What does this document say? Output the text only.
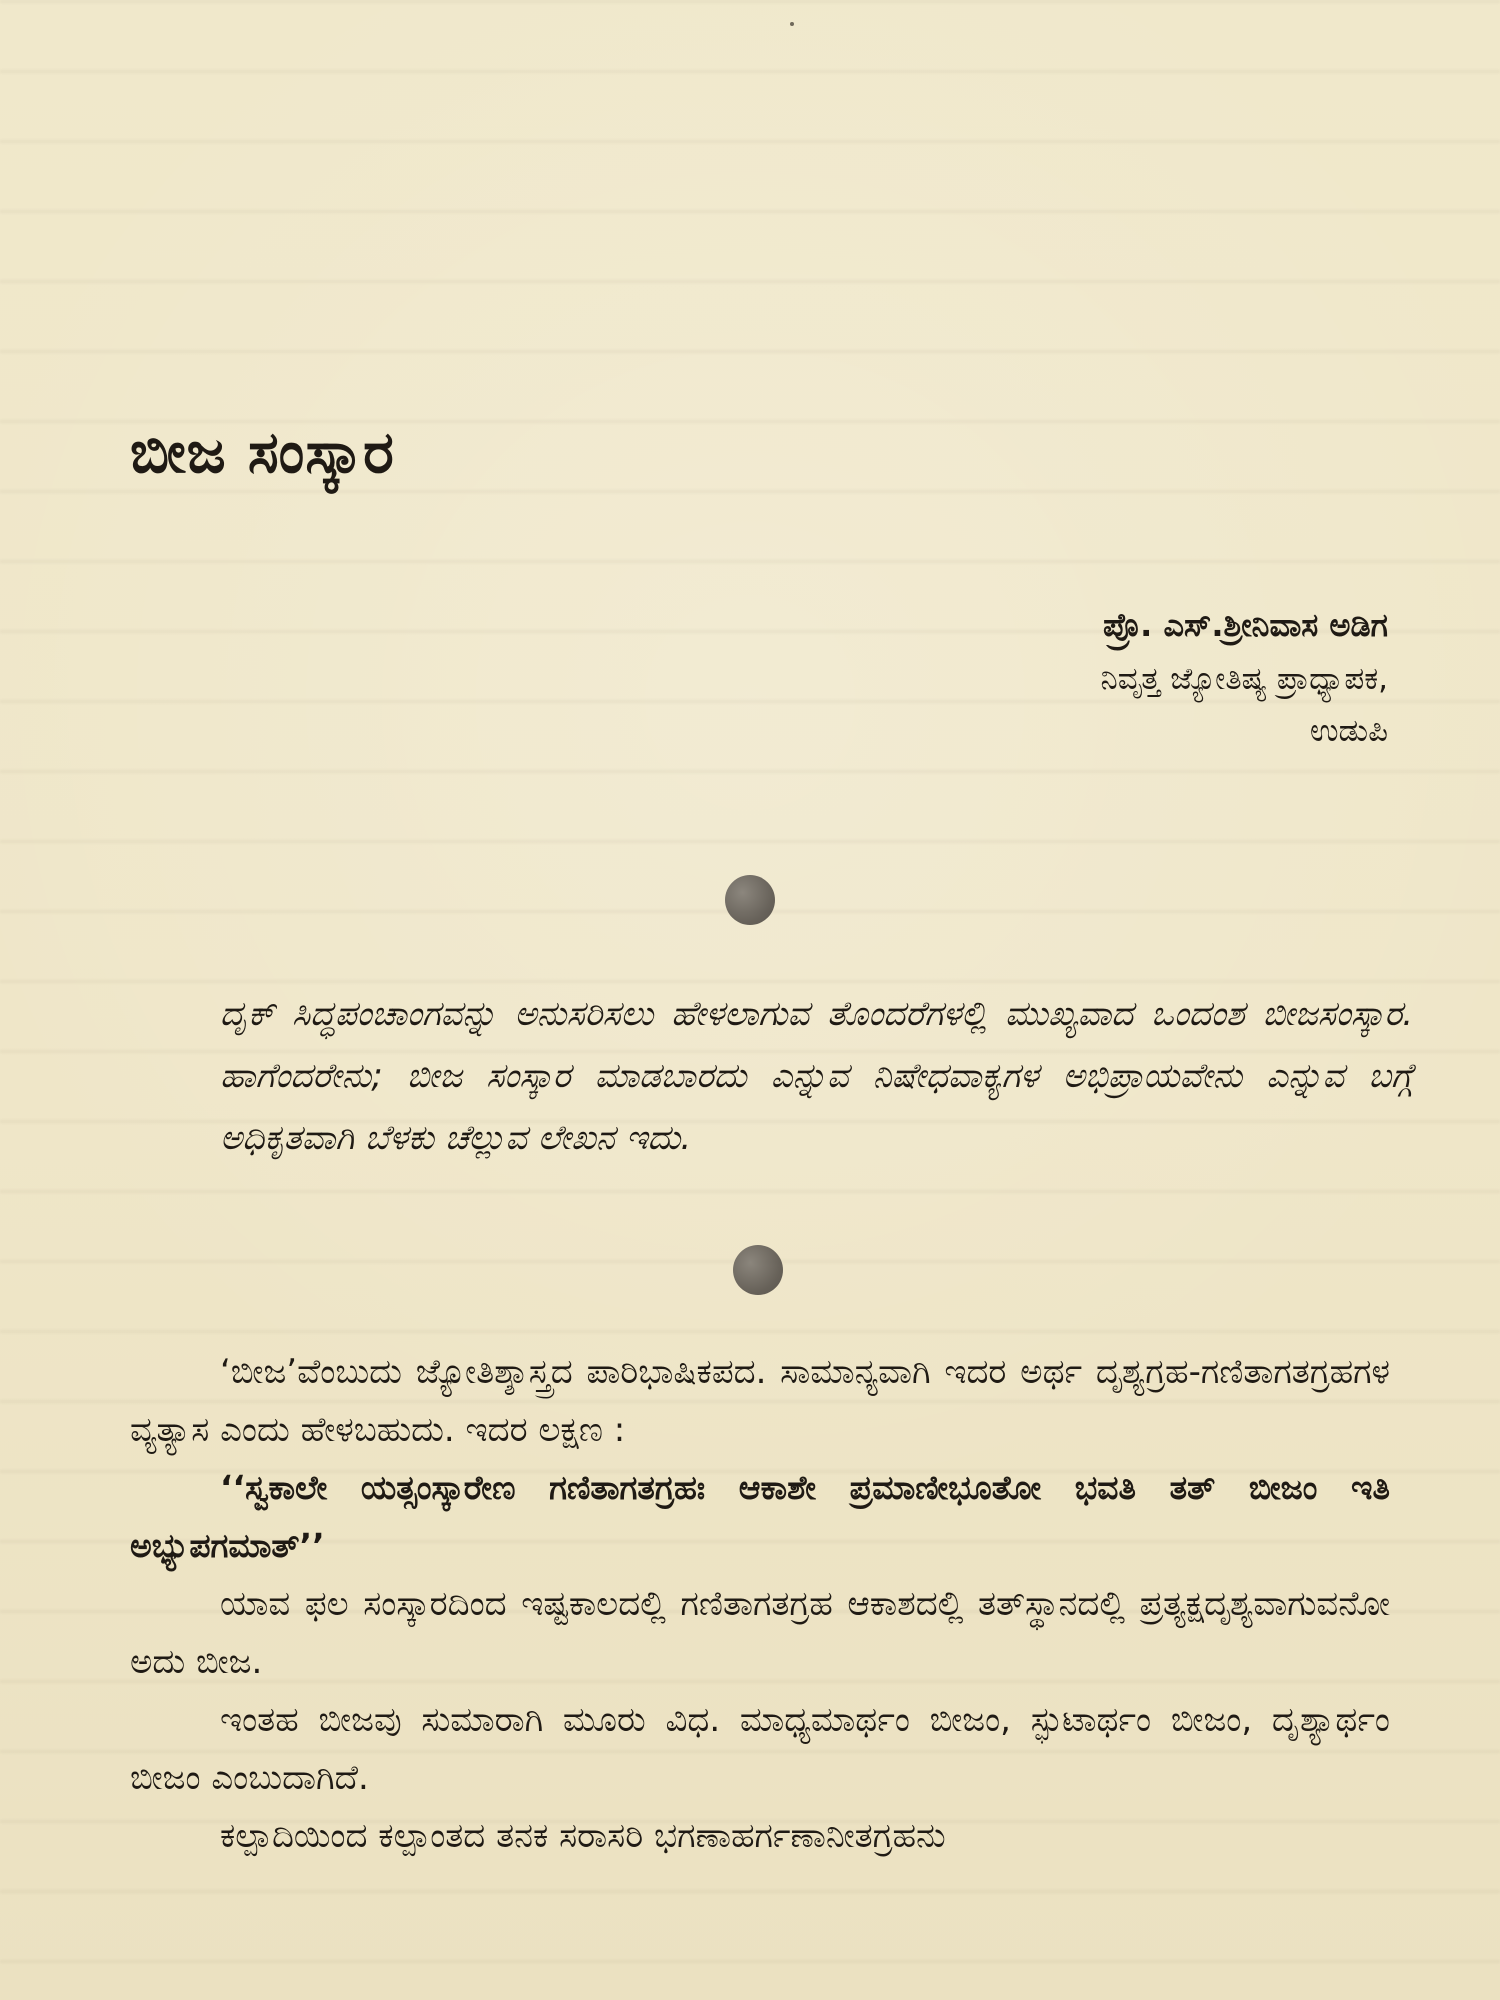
ಬೀಜ ಸಂಸ್ಕಾರ
ಪ್ರೊ. ಎಸ್.ಶ್ರೀನಿವಾಸ ಅಡಿಗ
ನಿವೃತ್ತ ಜ್ಯೋತಿಷ್ಯ ಪ್ರಾಧ್ಯಾಪಕ,
ಉಡುಪಿ
ದೃಕ್ ಸಿದ್ಧಪಂಚಾಂಗವನ್ನು ಅನುಸರಿಸಲು ಹೇಳಲಾಗುವ ತೊಂದರೆಗಳಲ್ಲಿ ಮುಖ್ಯವಾದ ಒಂದಂಶ ಬೀಜಸಂಸ್ಕಾರ. ಹಾಗೆಂದರೇನು; ಬೀಜ ಸಂಸ್ಕಾರ ಮಾಡಬಾರದು ಎನ್ನುವ ನಿಷೇಧವಾಕ್ಯಗಳ ಅಭಿಪ್ರಾಯವೇನು ಎನ್ನುವ ಬಗ್ಗೆ ಅಧಿಕೃತವಾಗಿ ಬೆಳಕು ಚೆಲ್ಲುವ ಲೇಖನ ಇದು.

‘ಬೀಜ’ವೆಂಬುದು ಜ್ಯೋತಿಶ್ಶಾಸ್ತ್ರದ ಪಾರಿಭಾಷಿಕಪದ. ಸಾಮಾನ್ಯವಾಗಿ ಇದರ ಅರ್ಥ ದೃಶ್ಯಗ್ರಹ-ಗಣಿತಾಗತಗ್ರಹಗಳ ವ್ಯತ್ಯಾಸ ಎಂದು ಹೇಳಬಹುದು. ಇದರ ಲಕ್ಷಣ :

‘‘ಸ್ವಕಾಲೇ ಯತ್ಸಂಸ್ಕಾರೇಣ ಗಣಿತಾಗತಗ್ರಹಃ ಆಕಾಶೇ ಪ್ರಮಾಣೀಭೂತೋ ಭವತಿ ತತ್ ಬೀಜಂ ಇತಿ ಅಭ್ಯುಪಗಮಾತ್’’

ಯಾವ ಫಲ ಸಂಸ್ಕಾರದಿಂದ ಇಷ್ಟಕಾಲದಲ್ಲಿ ಗಣಿತಾಗತಗ್ರಹ ಆಕಾಶದಲ್ಲಿ ತತ್‌ಸ್ಥಾನದಲ್ಲಿ ಪ್ರತ್ಯಕ್ಷದೃಶ್ಯವಾಗುವನೋ ಅದು ಬೀಜ.

ಇಂತಹ ಬೀಜವು ಸುಮಾರಾಗಿ ಮೂರು ವಿಧ. ಮಾಧ್ಯಮಾರ್ಥಂ ಬೀಜಂ, ಸ್ಫುಟಾರ್ಥಂ ಬೀಜಂ, ದೃಶ್ಯಾರ್ಥಂ ಬೀಜಂ ಎಂಬುದಾಗಿದೆ.

ಕಲ್ಪಾದಿಯಿಂದ ಕಲ್ಪಾಂತದ ತನಕ ಸರಾಸರಿ ಭಗಣಾಹರ್ಗಣಾನೀತಗ್ರಹನು
